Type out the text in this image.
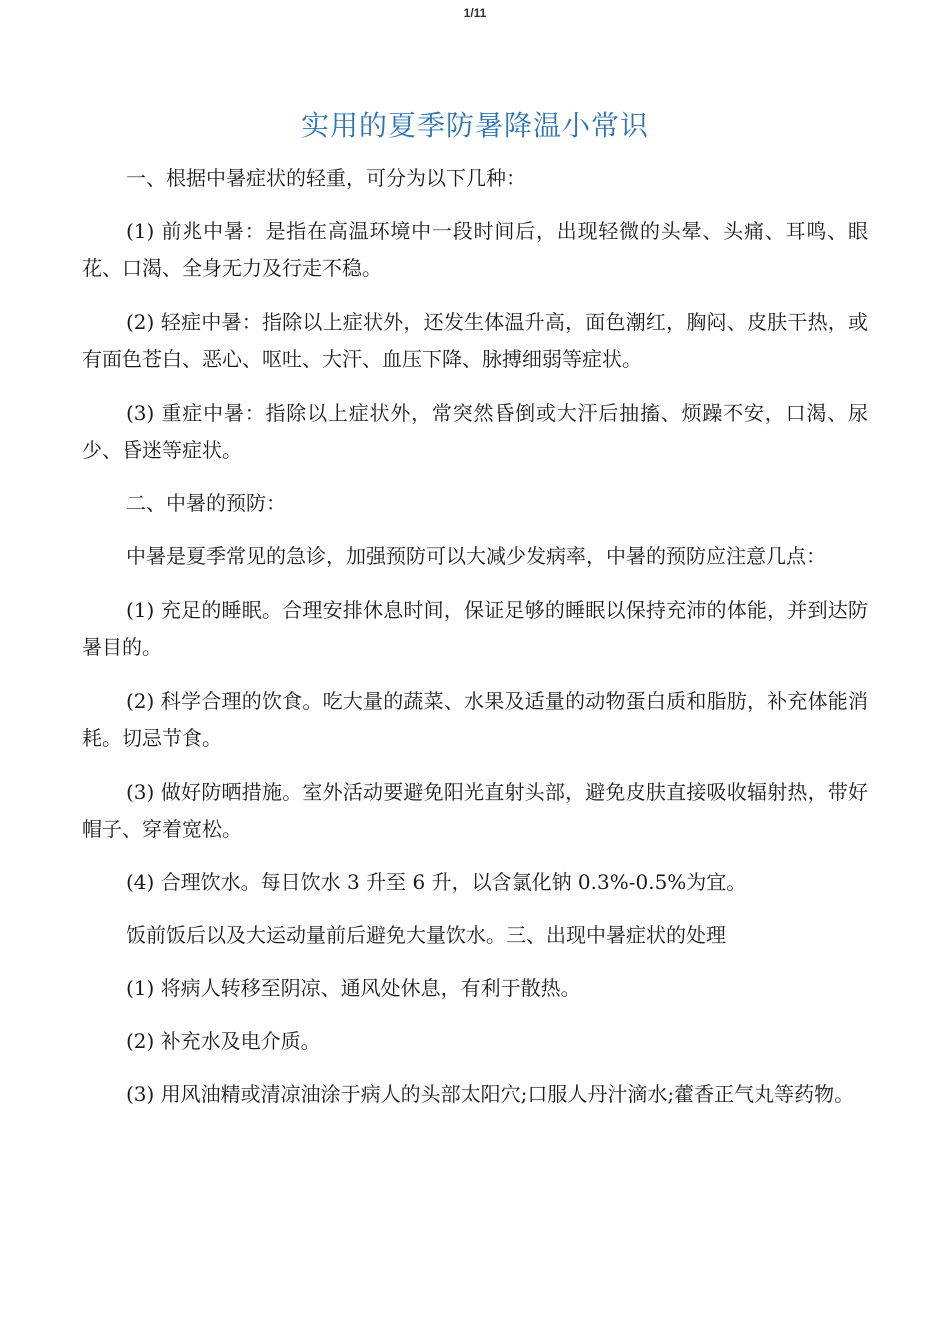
1/11
实用的夏季防暑降温小常识

一、根据中暑症状的轻重，可分为以下几种：

(1) 前兆中暑：是指在高温环境中一段时间后，出现轻微的头晕、头痛、耳鸣、眼花、口渴、全身无力及行走不稳。

(2) 轻症中暑：指除以上症状外，还发生体温升高，面色潮红，胸闷、皮肤干热，或有面色苍白、恶心、呕吐、大汗、血压下降、脉搏细弱等症状。

(3) 重症中暑：指除以上症状外，常突然昏倒或大汗后抽搐、烦躁不安，口渴、尿少、昏迷等症状。

二、中暑的预防：

中暑是夏季常见的急诊，加强预防可以大减少发病率，中暑的预防应注意几点：

(1) 充足的睡眠。合理安排休息时间，保证足够的睡眠以保持充沛的体能，并到达防暑目的。

(2) 科学合理的饮食。吃大量的蔬菜、水果及适量的动物蛋白质和脂肪，补充体能消耗。切忌节食。

(3) 做好防晒措施。室外活动要避免阳光直射头部，避免皮肤直接吸收辐射热，带好帽子、穿着宽松。

(4) 合理饮水。每日饮水 3 升至 6 升，以含氯化钠 0.3%-0.5%为宜。

饭前饭后以及大运动量前后避免大量饮水。三、出现中暑症状的处理

(1) 将病人转移至阴凉、通风处休息，有利于散热。

(2) 补充水及电介质。

(3) 用风油精或清凉油涂于病人的头部太阳穴;口服人丹汁滴水;藿香正气丸等药物。
